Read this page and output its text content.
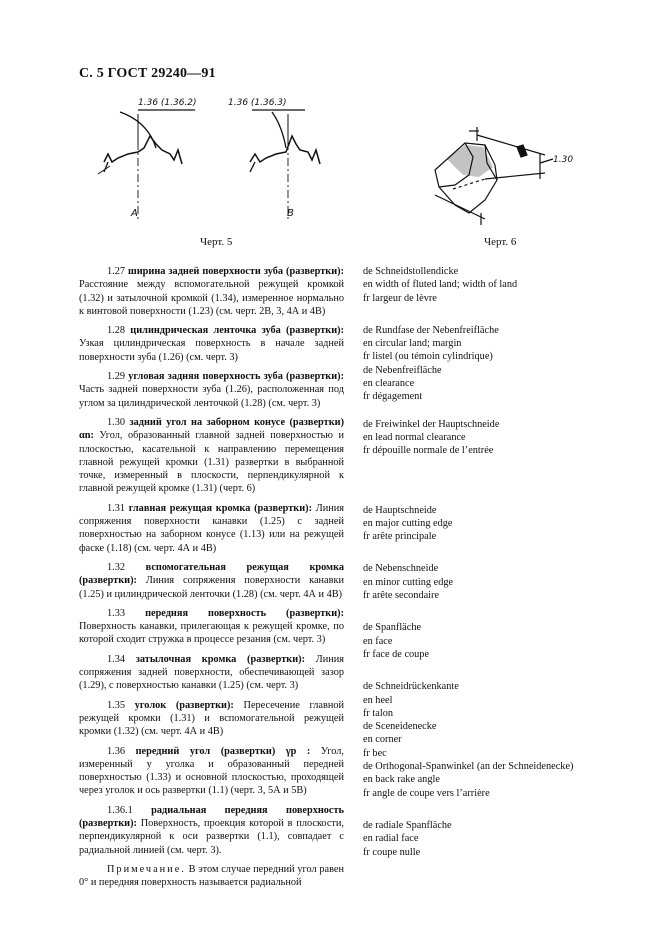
С. 5 ГОСТ 29240—91
1.36 (1.36.2)	1.36 (1.36.3)
А	В
Черт. 5
1.30
Черт. 6
1.27 ширина задней поверхности зуба (развертки): Расстояние между вспомогательной режущей кромкой (1.32) и затылочной кромкой (1.34), измеренное нормально к винтовой поверхности (1.23) (см. черт. 2В, 3, 4А и 4В)
1.28 цилиндрическая ленточка зуба (развертки): Узкая цилиндрическая поверхность в начале задней поверхности зуба (1.26) (см. черт. 3)
1.29 угловая задняя поверхность зуба (развертки): Часть задней поверхности зуба (1.26), расположенная под углом за цилиндрической ленточкой (1.28) (см. черт. 3)
1.30 задний угол на заборном конусе (развертки) αn: Угол, образованный главной задней поверхностью и плоскостью, касательной к направлению перемещения главной режущей кромки (1.31) развертки в выбранной точке, измеренный в плоскости, перпендикулярной к главной режущей кромке (1.31) (черт. 6)
1.31 главная режущая кромка (развертки): Линия сопряжения поверхности канавки (1.25) с задней поверхностью на заборном конусе (1.13) или на режущей фаске (1.18) (см. черт. 4А и 4В)
1.32 вспомогательная режущая кромка (развертки): Линия сопряжения поверхности канавки (1.25) и цилиндрической ленточки (1.28) (см. черт. 4А и 4В)
1.33 передняя поверхность (развертки): Поверхность канавки, прилегающая к режущей кромке, по которой сходит стружка в процессе резания (см. черт. 3)
1.34 затылочная кромка (развертки): Линия сопряжения задней поверхности, обеспечивающей зазор (1.29), с поверхностью канавки (1.25) (см. черт. 3)
1.35 уголок (развертки): Пересечение главной режущей кромки (1.31) и вспомогательной режущей кромки (1.32) (см. черт. 4А и 4В)
1.36 передний угол (развертки) γp : Угол, измеренный у уголка и образованный передней поверхностью (1.33) и основной плоскостью, проходящей через уголок и ось развертки (1.1) (черт. 3, 5А и 5В)
1.36.1 радиальная передняя поверхность (развертки): Поверхность, проекция которой в плоскости, перпендикулярной к оси развертки (1.1), совпадает с радиальной линией (см. черт. 3).
Примечание. В этом случае передний угол равен 0° и передняя поверхность называется радиальной
de Schneidstollendicke
en width of fluted land; width of land
fr largeur de lèvre
de Rundfase der Nebenfreifläche
en circular land; margin
fr listel (ou témoin cylindrique)
de Nebenfreifläche
en clearance
fr dégagement
de Freiwinkel der Hauptschneide
en lead normal clearance
fr dépouille normale de l’entrée
de Hauptschneide
en major cutting edge
fr arête principale
de Nebenschneide
en minor cutting edge
fr arête secondaire
de Spanfläche
en face
fr face de coupe
de Schneidrückenkante
en heel
fr talon
de Sceneidenecke
en corner
fr bec
de Orthogonal-Spanwinkel (an der Schneidenecke)
en back rake angle
fr angle de coupe vers l’arrière
de radiale Spanfläche
en radial face
fr coupe nulle
